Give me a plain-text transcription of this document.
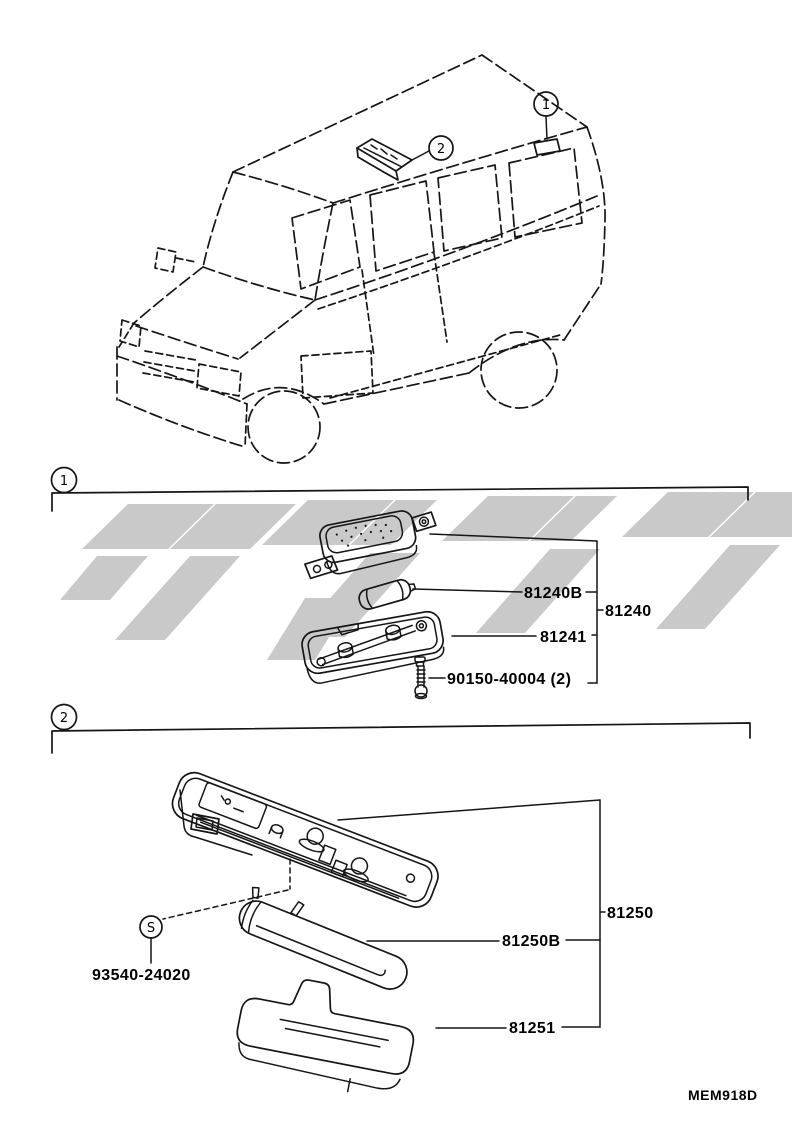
2
1
1
81240B
81240
81241
90150-40004 (2)
2
S
93540-24020
81250
81250B
81251
MEM918D
